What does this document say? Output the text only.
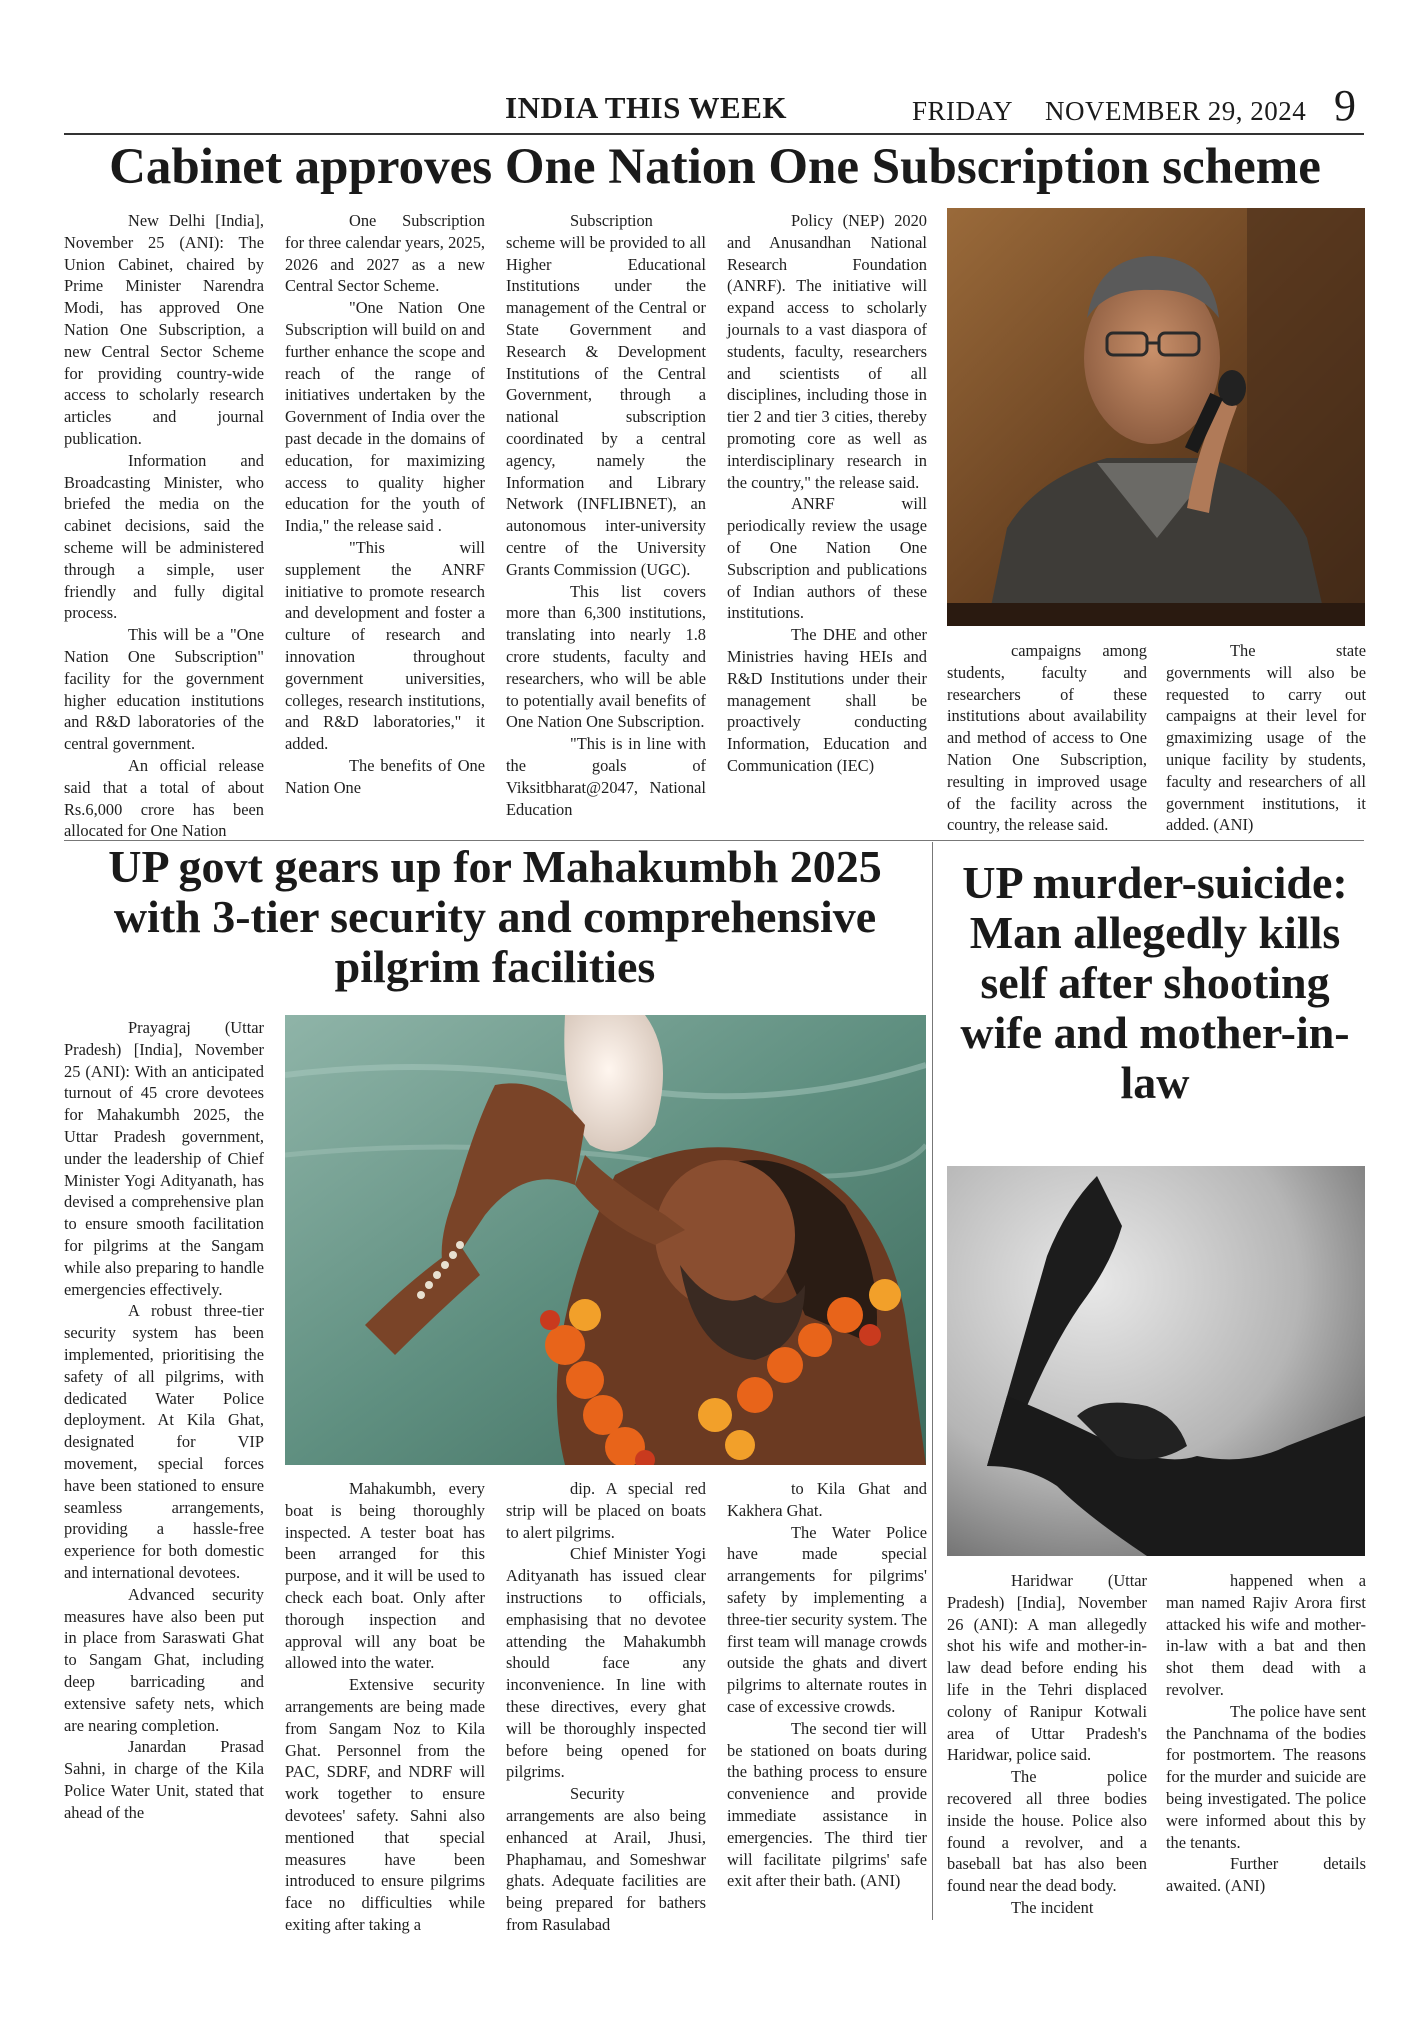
INDIA THIS WEEK	FRIDAY NOVEMBER 29, 2024 9
Cabinet approves One Nation One Subscription scheme

New Delhi [India], November 25 (ANI): The Union Cabinet, chaired by Prime Minister Narendra Modi, has approved One Nation One Subscription, a new Central Sector Scheme for providing country-wide access to scholarly research articles and journal publication.

Information and Broadcasting Minister, who briefed the media on the cabinet decisions, said the scheme will be administered through a simple, user friendly and fully digital process.

This will be a "One Nation One Subscription" facility for the government higher education institutions and R&D laboratories of the central government.

An official release said that a total of about Rs.6,000 crore has been allocated for One Nation

One Subscription for three calendar years, 2025, 2026 and 2027 as a new Central Sector Scheme.

"One Nation One Subscription will build on and further enhance the scope and reach of the range of initiatives undertaken by the Government of India over the past decade in the domains of education, for maximizing access to quality higher education for the youth of India," the release said .

"This will supplement the ANRF initiative to promote research and development and foster a culture of research and innovation throughout government universities, colleges, research institutions, and R&D laboratories," it added.

The benefits of One Nation One

Subscription scheme will be provided to all Higher Educational Institutions under the management of the Central or State Government and Research & Development Institutions of the Central Government, through a national subscription coordinated by a central agency, namely the Information and Library Network (INFLIBNET), an autonomous inter-university centre of the University Grants Commission (UGC).

This list covers more than 6,300 institutions, translating into nearly 1.8 crore students, faculty and researchers, who will be able to potentially avail benefits of One Nation One Subscription.

"This is in line with the goals of Viksitbharat@2047, National Education

Policy (NEP) 2020 and Anusandhan National Research Foundation (ANRF). The initiative will expand access to scholarly journals to a vast diaspora of students, faculty, researchers and scientists of all disciplines, including those in tier 2 and tier 3 cities, thereby promoting core as well as interdisciplinary research in the country," the release said.

ANRF will periodically review the usage of One Nation One Subscription and publications of Indian authors of these institutions.

The DHE and other Ministries having HEIs and R&D Institutions under their management shall be proactively conducting Information, Education and Communication (IEC)

campaigns among students, faculty and researchers of these institutions about availability and method of access to One Nation One Subscription, resulting in improved usage of the facility across the country, the release said.

The state governments will also be requested to carry out campaigns at their level for gmaximizing usage of the unique facility by students, faculty and researchers of all government institutions, it added. (ANI)

UP govt gears up for Mahakumbh 2025 with 3-tier security and comprehensive pilgrim facilities

Prayagraj (Uttar Pradesh) [India], November 25 (ANI): With an anticipated turnout of 45 crore devotees for Mahakumbh 2025, the Uttar Pradesh government, under the leadership of Chief Minister Yogi Adityanath, has devised a comprehensive plan to ensure smooth facilitation for pilgrims at the Sangam while also preparing to handle emergencies effectively.

A robust three-tier security system has been implemented, prioritising the safety of all pilgrims, with dedicated Water Police deployment. At Kila Ghat, designated for VIP movement, special forces have been stationed to ensure seamless arrangements, providing a hassle-free experience for both domestic and international devotees.

Advanced security measures have also been put in place from Saraswati Ghat to Sangam Ghat, including deep barricading and extensive safety nets, which are nearing completion.

Janardan Prasad Sahni, in charge of the Kila Police Water Unit, stated that ahead of the

Mahakumbh, every boat is being thoroughly inspected. A tester boat has been arranged for this purpose, and it will be used to check each boat. Only after thorough inspection and approval will any boat be allowed into the water.

Extensive security arrangements are being made from Sangam Noz to Kila Ghat. Personnel from the PAC, SDRF, and NDRF will work together to ensure devotees' safety. Sahni also mentioned that special measures have been introduced to ensure pilgrims face no difficulties while exiting after taking a

dip. A special red strip will be placed on boats to alert pilgrims.

Chief Minister Yogi Adityanath has issued clear instructions to officials, emphasising that no devotee attending the Mahakumbh should face any inconvenience. In line with these directives, every ghat will be thoroughly inspected before being opened for pilgrims.

Security arrangements are also being enhanced at Arail, Jhusi, Phaphamau, and Someshwar ghats. Adequate facilities are being prepared for bathers from Rasulabad

to Kila Ghat and Kakhera Ghat.

The Water Police have made special arrangements for pilgrims' safety by implementing a three-tier security system. The first team will manage crowds outside the ghats and divert pilgrims to alternate routes in case of excessive crowds.

The second tier will be stationed on boats during the bathing process to ensure convenience and provide immediate assistance in emergencies. The third tier will facilitate pilgrims' safe exit after their bath. (ANI)

UP murder-suicide: Man allegedly kills self after shooting wife and mother-in-law

Haridwar (Uttar Pradesh) [India], November 26 (ANI): A man allegedly shot his wife and mother-in-law dead before ending his life in the Tehri displaced colony of Ranipur Kotwali area of Uttar Pradesh's Haridwar, police said.

The police recovered all three bodies inside the house. Police also found a revolver, and a baseball bat has also been found near the dead body.

The incident

happened when a man named Rajiv Arora first attacked his wife and mother-in-law with a bat and then shot them dead with a revolver.

The police have sent the Panchnama of the bodies for postmortem. The reasons for the murder and suicide are being investigated. The police were informed about this by the tenants.

Further details awaited. (ANI)
